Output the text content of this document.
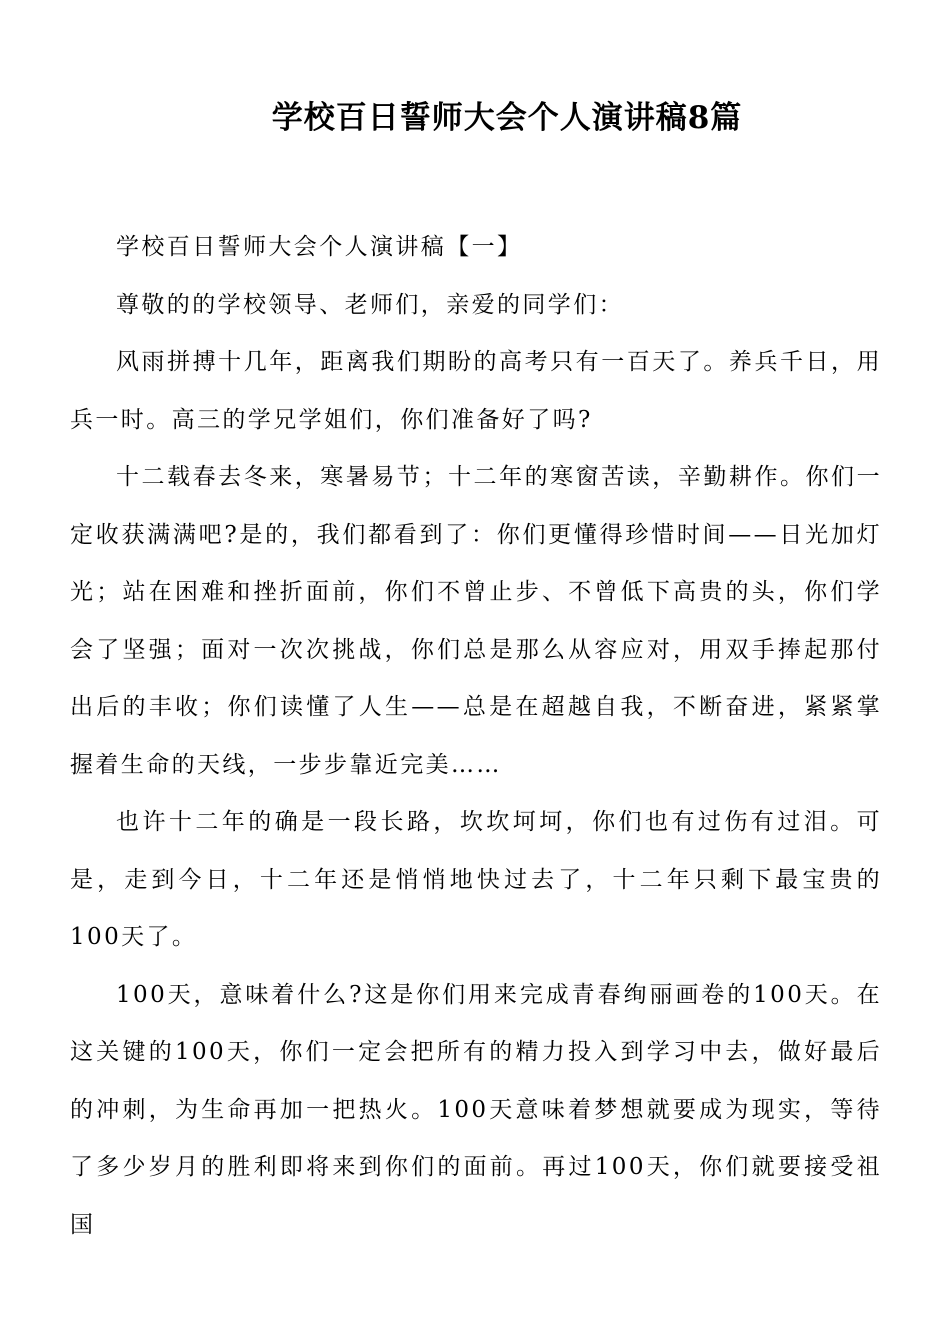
学校百日誓师大会个人演讲稿8篇

学校百日誓师大会个人演讲稿【一】

尊敬的的学校领导、老师们，亲爱的同学们：

风雨拼搏十几年，距离我们期盼的高考只有一百天了。养兵千日，用兵一时。高三的学兄学姐们，你们准备好了吗?

十二载春去冬来，寒暑易节；十二年的寒窗苦读，辛勤耕作。你们一定收获满满吧?是的，我们都看到了：你们更懂得珍惜时间——日光加灯光；站在困难和挫折面前，你们不曾止步、不曾低下高贵的头，你们学会了坚强；面对一次次挑战，你们总是那么从容应对，用双手捧起那付出后的丰收；你们读懂了人生——总是在超越自我，不断奋进，紧紧掌握着生命的天线，一步步靠近完美……

也许十二年的确是一段长路，坎坎坷坷，你们也有过伤有过泪。可是，走到今日，十二年还是悄悄地快过去了，十二年只剩下最宝贵的100天了。

100天，意味着什么?这是你们用来完成青春绚丽画卷的100天。在这关键的100天，你们一定会把所有的精力投入到学习中去，做好最后的冲刺，为生命再加一把热火。100天意味着梦想就要成为现实，等待了多少岁月的胜利即将来到你们的面前。再过100天，你们就要接受祖国
